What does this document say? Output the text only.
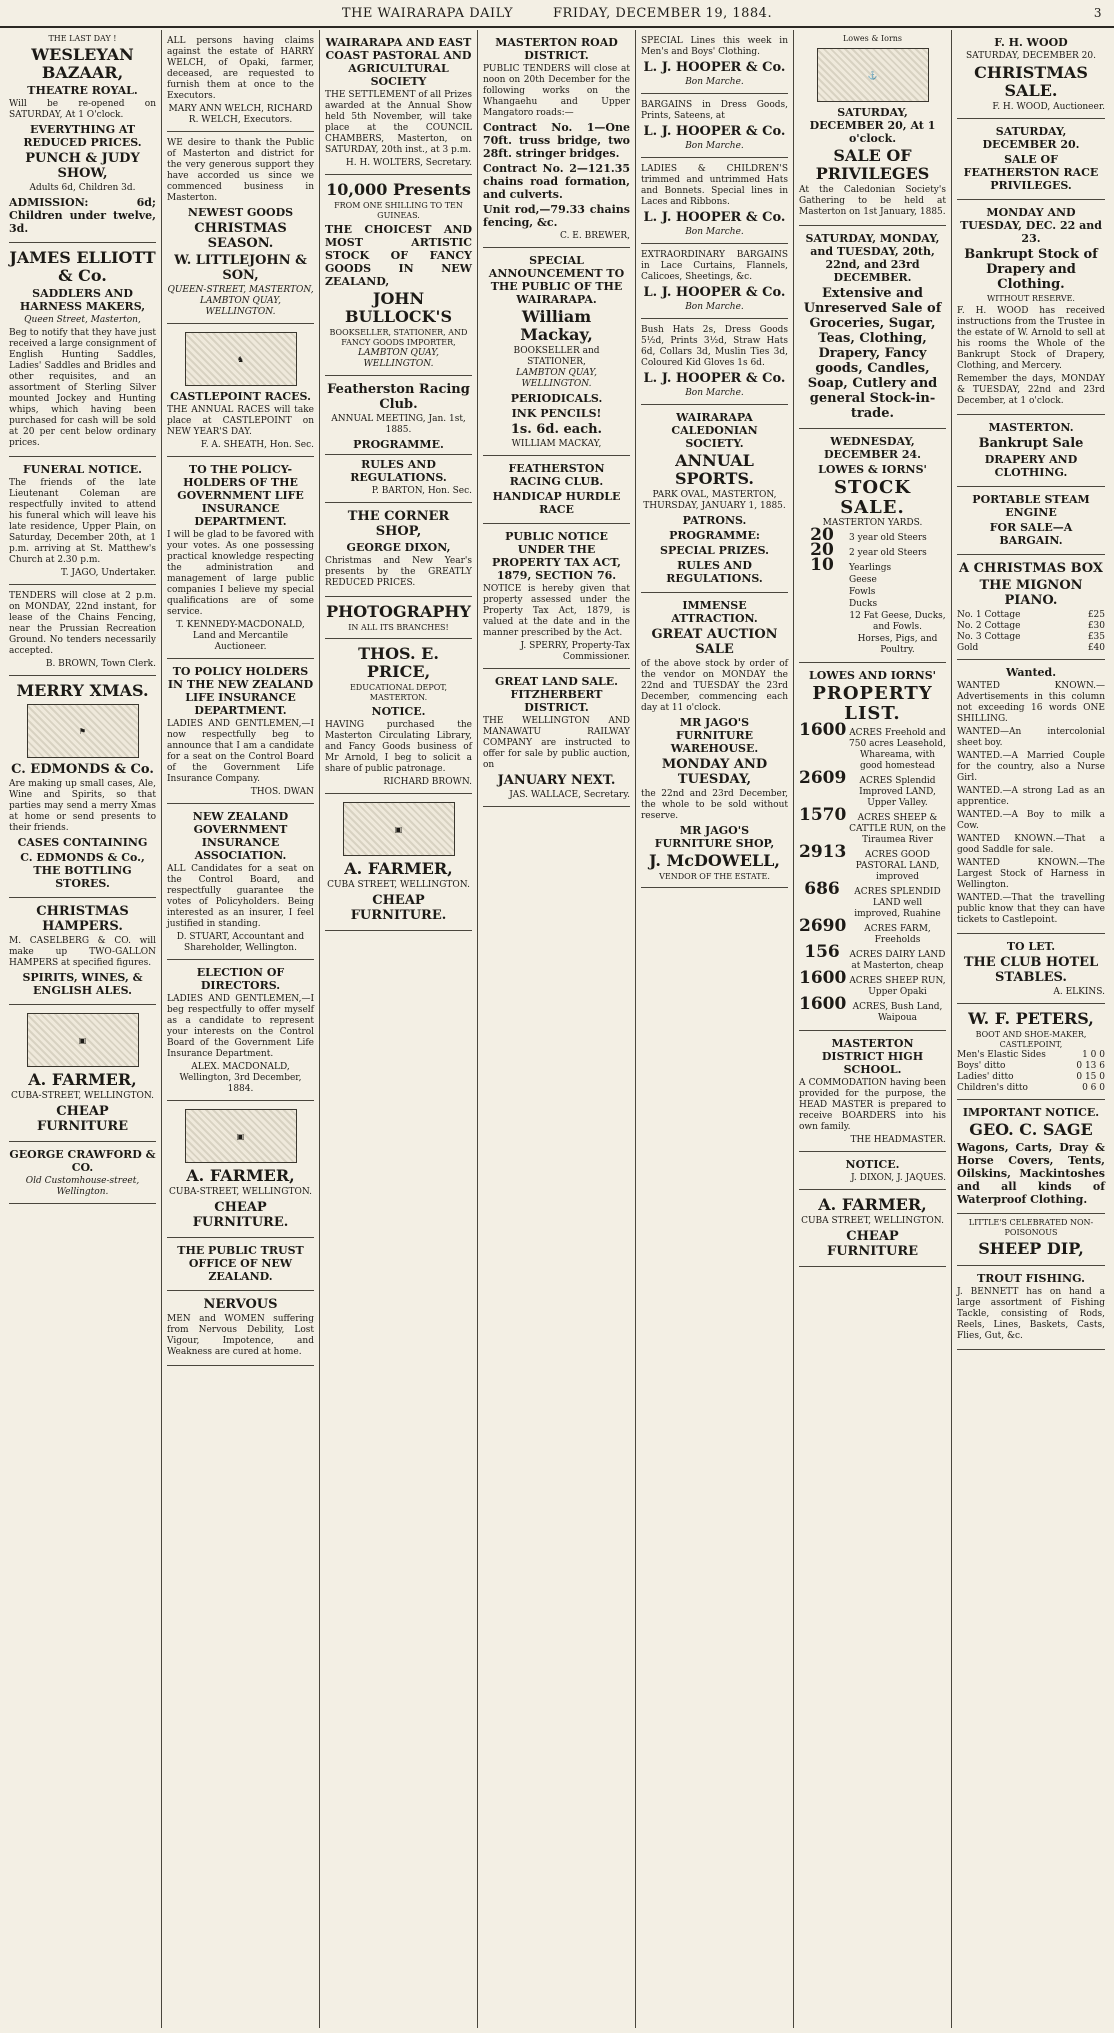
THE WAIRARAPA DAILY	FRIDAY, DECEMBER 19, 1884.	3
THE LAST DAY !
WESLEYAN BAZAAR,
THEATRE ROYAL.

Will be re-opened on SATURDAY, At 1 O'clock.

EVERYTHING AT REDUCED PRICES.
PUNCH & JUDY SHOW,
Adults 6d, Children 3d.

ADMISSION: 6d; Children under twelve, 3d.

JAMES ELLIOTT & Co.
SADDLERS AND HARNESS MAKERS,
Queen Street, Masterton,

Beg to notify that they have just received a large consignment of English Hunting Saddles, Ladies' Saddles and Bridles and other requisites, and an assortment of Sterling Silver mounted Jockey and Hunting whips, which having been purchased for cash will be sold at 20 per cent below ordinary prices.

FUNERAL NOTICE.

The friends of the late Lieutenant Coleman are respectfully invited to attend his funeral which will leave his late residence, Upper Plain, on Saturday, December 20th, at 1 p.m. arriving at St. Matthew's Church at 2.30 p.m.

T. JAGO, Undertaker.

TENDERS will close at 2 p.m. on MONDAY, 22nd instant, for lease of the Chains Fencing, near the Prussian Recreation Ground. No tenders necessarily accepted.

B. BROWN, Town Clerk.
MERRY XMAS.
⚑
C. EDMONDS & Co.

Are making up small cases, Ale, Wine and Spirits, so that parties may send a merry Xmas at home or send presents to their friends.

CASES CONTAINING
C. EDMONDS & Co., THE BOTTLING STORES.
CHRISTMAS HAMPERS.

M. CASELBERG & CO. will make up TWO-GALLON HAMPERS at specified figures.

SPIRITS, WINES, & ENGLISH ALES.
▣
A. FARMER,
CUBA-STREET, WELLINGTON.
CHEAP FURNITURE
GEORGE CRAWFORD & CO.
Old Customhouse-street, Wellington.

ALL persons having claims against the estate of HARRY WELCH, of Opaki, farmer, deceased, are requested to furnish them at once to the Executors.

MARY ANN WELCH, RICHARD R. WELCH, Executors.

WE desire to thank the Public of Masterton and district for the very generous support they have accorded us since we commenced business in Masterton.

NEWEST GOODS
CHRISTMAS SEASON.
W. LITTLEJOHN & SON,
QUEEN-STREET, MASTERTON,
LAMBTON QUAY, WELLINGTON.
♞
CASTLEPOINT RACES.

THE ANNUAL RACES will take place at CASTLEPOINT on NEW YEAR'S DAY.

F. A. SHEATH, Hon. Sec.
TO THE POLICY-HOLDERS OF THE GOVERNMENT LIFE INSURANCE DEPARTMENT.

I will be glad to be favored with your votes. As one possessing practical knowledge respecting the administration and management of large public companies I believe my special qualifications are of some service.

T. KENNEDY-MACDONALD, Land and Mercantile Auctioneer.
TO POLICY HOLDERS IN THE NEW ZEALAND LIFE INSURANCE DEPARTMENT.

LADIES AND GENTLEMEN,—I now respectfully beg to announce that I am a candidate for a seat on the Control Board of the Government Life Insurance Company.

THOS. DWAN
NEW ZEALAND GOVERNMENT INSURANCE ASSOCIATION.

ALL Candidates for a seat on the Control Board, and respectfully guarantee the votes of Policyholders. Being interested as an insurer, I feel justified in standing.

D. STUART, Accountant and Shareholder, Wellington.
ELECTION OF DIRECTORS.

LADIES AND GENTLEMEN,—I beg respectfully to offer myself as a candidate to represent your interests on the Control Board of the Government Life Insurance Department.

ALEX. MACDONALD, Wellington, 3rd December, 1884.
▣
A. FARMER,
CUBA-STREET, WELLINGTON.
CHEAP FURNITURE.
THE PUBLIC TRUST OFFICE OF NEW ZEALAND.
NERVOUS

MEN and WOMEN suffering from Nervous Debility, Lost Vigour, Impotence, and Weakness are cured at home.

WAIRARAPA AND EAST COAST PASTORAL AND AGRICULTURAL SOCIETY

THE SETTLEMENT of all Prizes awarded at the Annual Show held 5th November, will take place at the COUNCIL CHAMBERS, Masterton, on SATURDAY, 20th inst., at 3 p.m.

H. H. WOLTERS, Secretary.
10,000 Presents
FROM ONE SHILLING TO TEN GUINEAS.

THE CHOICEST AND MOST ARTISTIC STOCK OF FANCY GOODS IN NEW ZEALAND,

JOHN BULLOCK'S
BOOKSELLER, STATIONER, AND FANCY GOODS IMPORTER,
LAMBTON QUAY, WELLINGTON.
Featherston Racing Club.
ANNUAL MEETING, Jan. 1st, 1885.
PROGRAMME.
RULES AND REGULATIONS.
P. BARTON, Hon. Sec.
THE CORNER SHOP,
GEORGE DIXON,

Christmas and New Year's presents by the GREATLY REDUCED PRICES.

PHOTOGRAPHY
IN ALL ITS BRANCHES!
THOS. E. PRICE,
EDUCATIONAL DEPOT, MASTERTON.
NOTICE.

HAVING purchased the Masterton Circulating Library, and Fancy Goods business of Mr Arnold, I beg to solicit a share of public patronage.

RICHARD BROWN.
▣
A. FARMER,
CUBA STREET, WELLINGTON.
CHEAP FURNITURE.
MASTERTON ROAD DISTRICT.

PUBLIC TENDERS will close at noon on 20th December for the following works on the Whangaehu and Upper Mangatoro roads:—

Contract No. 1—One 70ft. truss bridge, two 28ft. stringer bridges.

Contract No. 2—121.35 chains road formation, and culverts.

Unit rod,—79.33 chains fencing, &c.

C. E. BREWER,
SPECIAL ANNOUNCEMENT TO THE PUBLIC OF THE WAIRARAPA.
William Mackay,
BOOKSELLER and STATIONER,
LAMBTON QUAY, WELLINGTON.
PERIODICALS.
INK PENCILS!
1s. 6d. each.
WILLIAM MACKAY,
FEATHERSTON RACING CLUB.
HANDICAP HURDLE RACE
PUBLIC NOTICE UNDER THE PROPERTY TAX ACT, 1879, SECTION 76.

NOTICE is hereby given that property assessed under the Property Tax Act, 1879, is valued at the date and in the manner prescribed by the Act.

J. SPERRY, Property-Tax Commissioner.
GREAT LAND SALE. FITZHERBERT DISTRICT.

THE WELLINGTON AND MANAWATU RAILWAY COMPANY are instructed to offer for sale by public auction, on

JANUARY NEXT.
JAS. WALLACE, Secretary.

SPECIAL Lines this week in Men's and Boys' Clothing.

L. J. HOOPER & Co.
Bon Marche.

BARGAINS in Dress Goods, Prints, Sateens, at

L. J. HOOPER & Co.
Bon Marche.

LADIES & CHILDREN'S trimmed and untrimmed Hats and Bonnets. Special lines in Laces and Ribbons.

L. J. HOOPER & Co.
Bon Marche.

EXTRAORDINARY BARGAINS in Lace Curtains, Flannels, Calicoes, Sheetings, &c.

L. J. HOOPER & Co.
Bon Marche.

Bush Hats 2s, Dress Goods 5½d, Prints 3½d, Straw Hats 6d, Collars 3d, Muslin Ties 3d, Coloured Kid Gloves 1s 6d.

L. J. HOOPER & Co.
Bon Marche.
WAIRARAPA CALEDONIAN SOCIETY.
ANNUAL SPORTS.
PARK OVAL, MASTERTON, THURSDAY, JANUARY 1, 1885.
PATRONS.
PROGRAMME:
SPECIAL PRIZES.
RULES AND REGULATIONS.
IMMENSE ATTRACTION.
GREAT AUCTION SALE

of the above stock by order of the vendor on MONDAY the 22nd and TUESDAY the 23rd December, commencing each day at 11 o'clock.

MR JAGO'S FURNITURE WAREHOUSE.
MONDAY AND TUESDAY,

the 22nd and 23rd December, the whole to be sold without reserve.

MR JAGO'S FURNITURE SHOP,
J. McDOWELL,
VENDOR OF THE ESTATE.
Lowes & Iorns
⚓
SATURDAY, DECEMBER 20, At 1 o'clock.
SALE OF PRIVILEGES

At the Caledonian Society's Gathering to be held at Masterton on 1st January, 1885.

SATURDAY, MONDAY, and TUESDAY, 20th, 22nd, and 23rd DECEMBER.

Extensive and Unreserved Sale of Groceries, Sugar, Teas, Clothing, Drapery, Fancy goods, Candles, Soap, Cutlery and general Stock-in-trade.

WEDNESDAY, DECEMBER 24.
LOWES & IORNS'
STOCK SALE.
MASTERTON YARDS.
20	3 year old Steers
20	2 year old Steers
10	Yearlings
Geese
Fowls
Ducks
12 Fat Geese, Ducks, and Fowls.
Horses, Pigs, and Poultry.
LOWES AND IORNS'
PROPERTY LIST.
1600 ACRES Freehold and 750 acres Leasehold, Whareama, with good homestead
2609	ACRES Splendid Improved LAND, Upper Valley.
1570	ACRES SHEEP & CATTLE RUN, on the Tiraumea River
2913	ACRES GOOD PASTORAL LAND, improved
686	ACRES SPLENDID LAND well improved, Ruahine
2690	ACRES FARM, Freeholds
156	ACRES DAIRY LAND at Masterton, cheap
1600 ACRES SHEEP RUN, Upper Opaki
1600 ACRES, Bush Land, Waipoua
MASTERTON DISTRICT HIGH SCHOOL.

A COMMODATION having been provided for the purpose, the HEAD MASTER is prepared to receive BOARDERS into his own family.

THE HEADMASTER.
NOTICE.
J. DIXON, J. JAQUES.
A. FARMER,
CUBA STREET, WELLINGTON.
CHEAP FURNITURE
F. H. WOOD
SATURDAY, DECEMBER 20.
CHRISTMAS SALE.
F. H. WOOD, Auctioneer.
SATURDAY, DECEMBER 20.
SALE OF FEATHERSTON RACE PRIVILEGES.
MONDAY AND TUESDAY, DEC. 22 and 23.
Bankrupt Stock of Drapery and Clothing.
WITHOUT RESERVE.

F. H. WOOD has received instructions from the Trustee in the estate of W. Arnold to sell at his rooms the Whole of the Bankrupt Stock of Drapery, Clothing, and Mercery.

Remember the days, MONDAY & TUESDAY, 22nd and 23rd December, at 1 o'clock.

MASTERTON.
Bankrupt Sale
DRAPERY AND CLOTHING.
PORTABLE STEAM ENGINE
FOR SALE—A BARGAIN.
A CHRISTMAS BOX
THE MIGNON PIANO.
No. 1 Cottage	£25
No. 2 Cottage	£30
No. 3 Cottage	£35
Gold	£40
Wanted.

WANTED KNOWN.—Advertisements in this column not exceeding 16 words ONE SHILLING.

WANTED—An intercolonial sheet boy.

WANTED.—A Married Couple for the country, also a Nurse Girl.

WANTED.—A strong Lad as an apprentice.

WANTED.—A Boy to milk a Cow.

WANTED KNOWN.—That a good Saddle for sale.

WANTED KNOWN.—The Largest Stock of Harness in Wellington.

WANTED.—That the travelling public know that they can have tickets to Castlepoint.

TO LET.
THE CLUB HOTEL STABLES.
A. ELKINS.
W. F. PETERS,
BOOT AND SHOE-MAKER, CASTLEPOINT,
Men's Elastic Sides	1 0 0
Boys' ditto	0 13 6
Ladies' ditto	0 15 0
Children's ditto	0 6 0
IMPORTANT NOTICE.
GEO. C. SAGE

Wagons, Carts, Dray & Horse Covers, Tents, Oilskins, Mackintoshes and all kinds of Waterproof Clothing.

LITTLE'S CELEBRATED NON-POISONOUS
SHEEP DIP,
TROUT FISHING.

J. BENNETT has on hand a large assortment of Fishing Tackle, consisting of Rods, Reels, Lines, Baskets, Casts, Flies, Gut, &c.
